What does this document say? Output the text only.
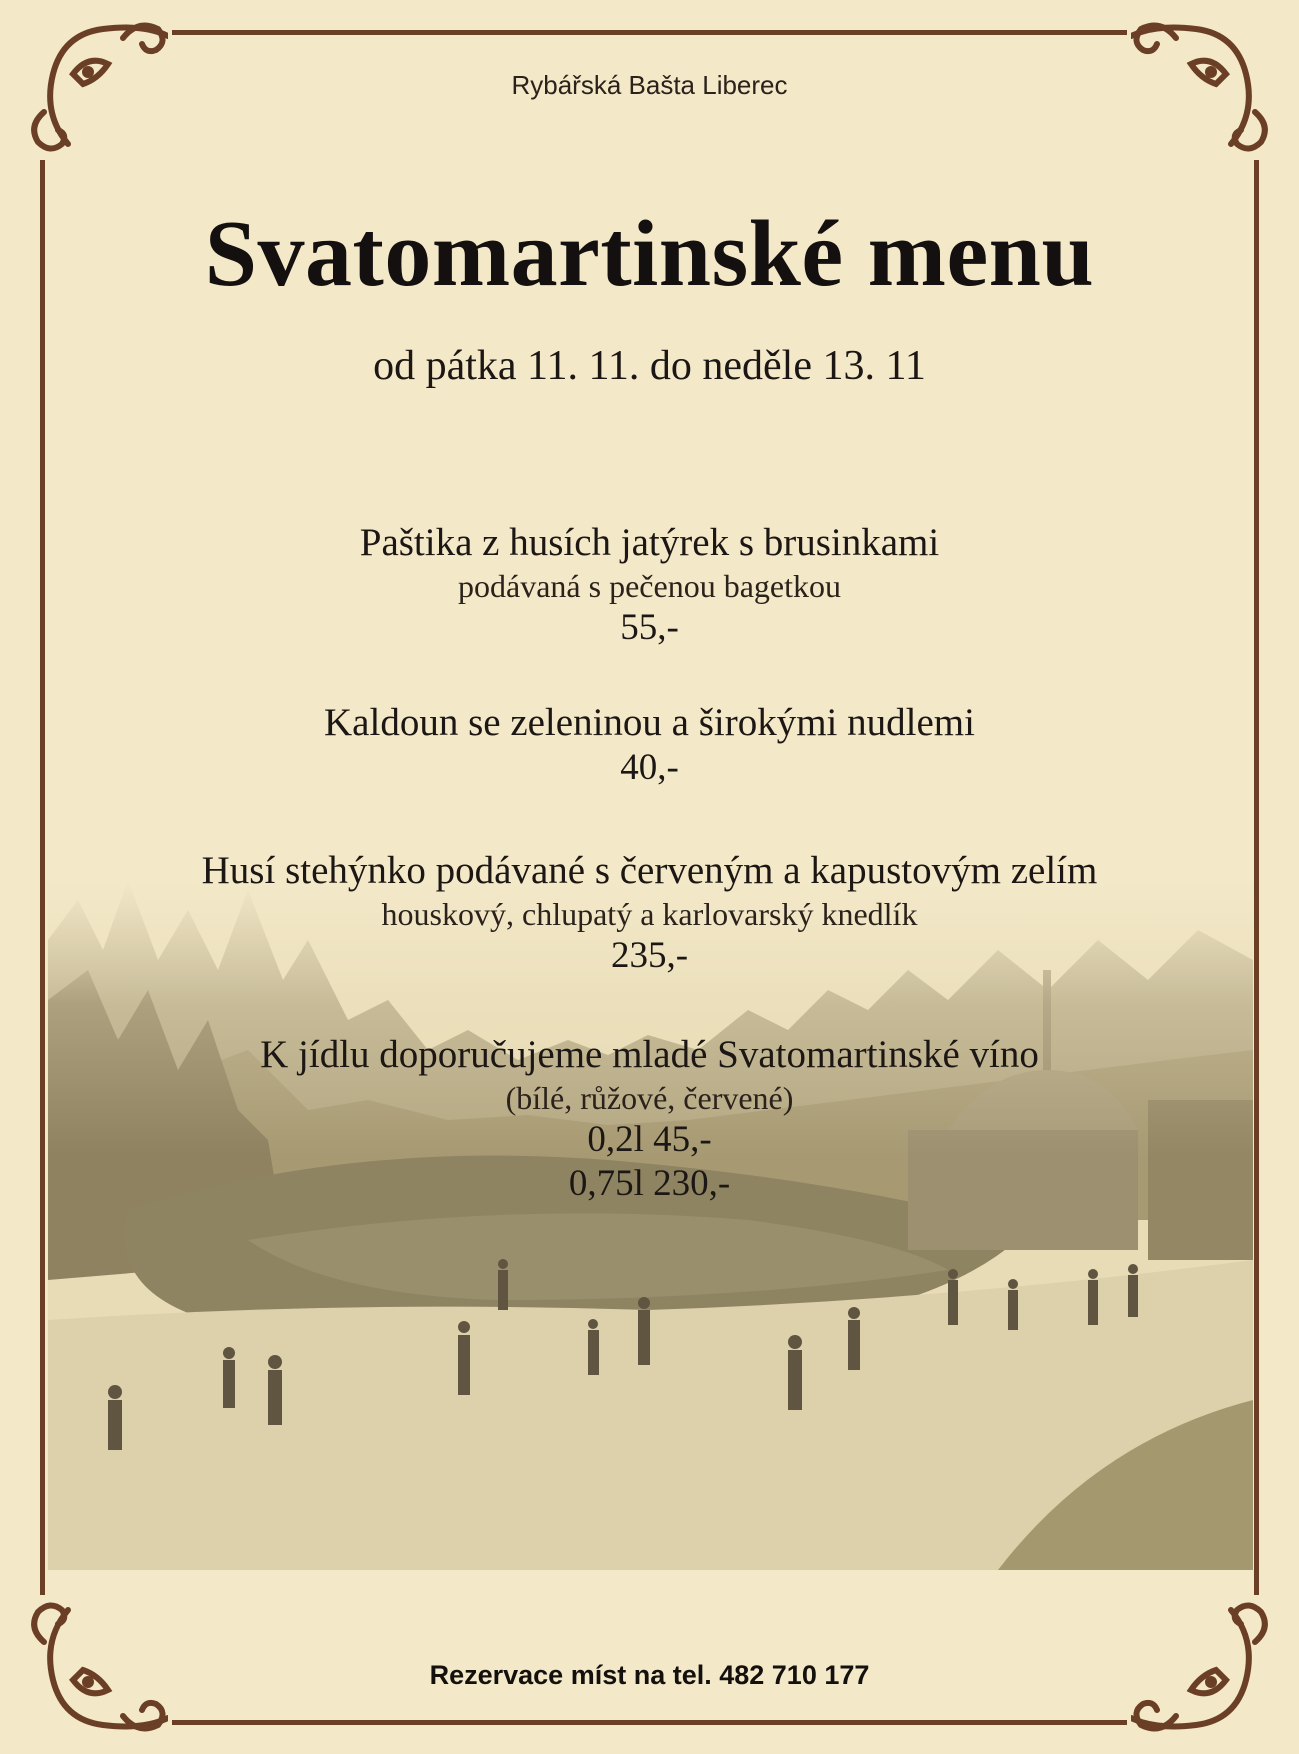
Rybářská Bašta Liberec
Svatomartinské menu
od pátka 11. 11. do neděle 13. 11
Paštika z husích jatýrek s brusinkami
podávaná s pečenou bagetkou
55,-
Kaldoun se zeleninou a širokými nudlemi
40,-
Husí stehýnko podávané s červeným a kapustovým zelím
houskový, chlupatý a karlovarský knedlík
235,-
K jídlu doporučujeme mladé Svatomartinské víno
(bílé, růžové, červené)
0,2l 45,-
0,75l 230,-
Rezervace míst na tel. 482 710 177
